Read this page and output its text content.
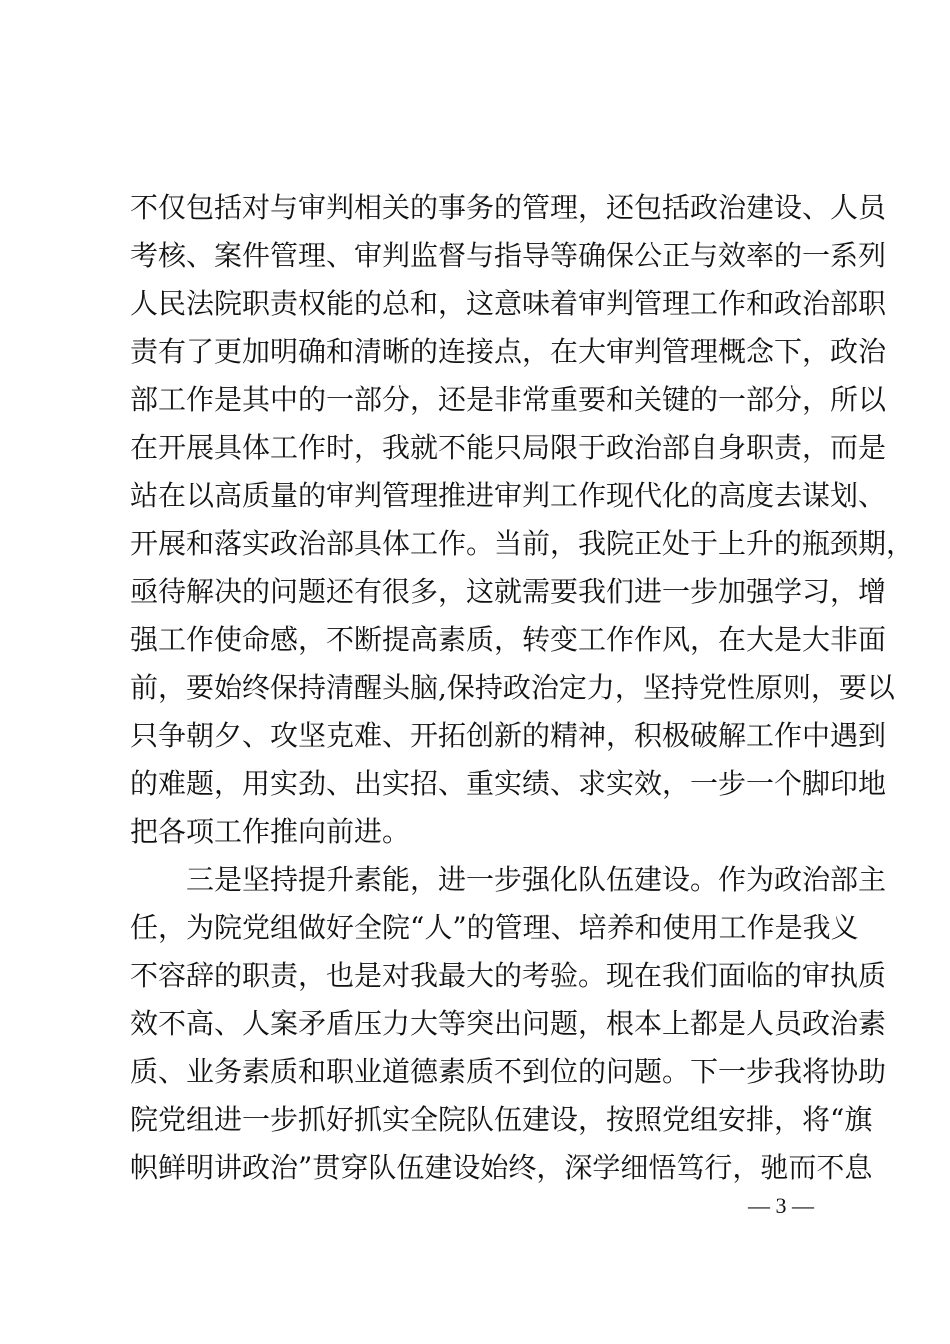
不仅包括对与审判相关的事务的管理，还包括政治建设、人员
考核、案件管理、审判监督与指导等确保公正与效率的一系列
人民法院职责权能的总和，这意味着审判管理工作和政治部职
责有了更加明确和清晰的连接点，在大审判管理概念下，政治
部工作是其中的一部分，还是非常重要和关键的一部分，所以
在开展具体工作时，我就不能只局限于政治部自身职责，而是
站在以高质量的审判管理推进审判工作现代化的高度去谋划、
开展和落实政治部具体工作。当前，我院正处于上升的瓶颈期，
亟待解决的问题还有很多，这就需要我们进一步加强学习，增
强工作使命感，不断提高素质，转变工作作风，在大是大非面
前，要始终保持清醒头脑,保持政治定力，坚持党性原则，要以
只争朝夕、攻坚克难、开拓创新的精神，积极破解工作中遇到
的难题，用实劲、出实招、重实绩、求实效，一步一个脚印地
把各项工作推向前进。
　　三是坚持提升素能，进一步强化队伍建设。作为政治部主
任，为院党组做好全院“人”的管理、培养和使用工作是我义
不容辞的职责，也是对我最大的考验。现在我们面临的审执质
效不高、人案矛盾压力大等突出问题，根本上都是人员政治素
质、业务素质和职业道德素质不到位的问题。下一步我将协助
院党组进一步抓好抓实全院队伍建设，按照党组安排，将“旗
帜鲜明讲政治”贯穿队伍建设始终，深学细悟笃行，驰而不息
— 3 —
